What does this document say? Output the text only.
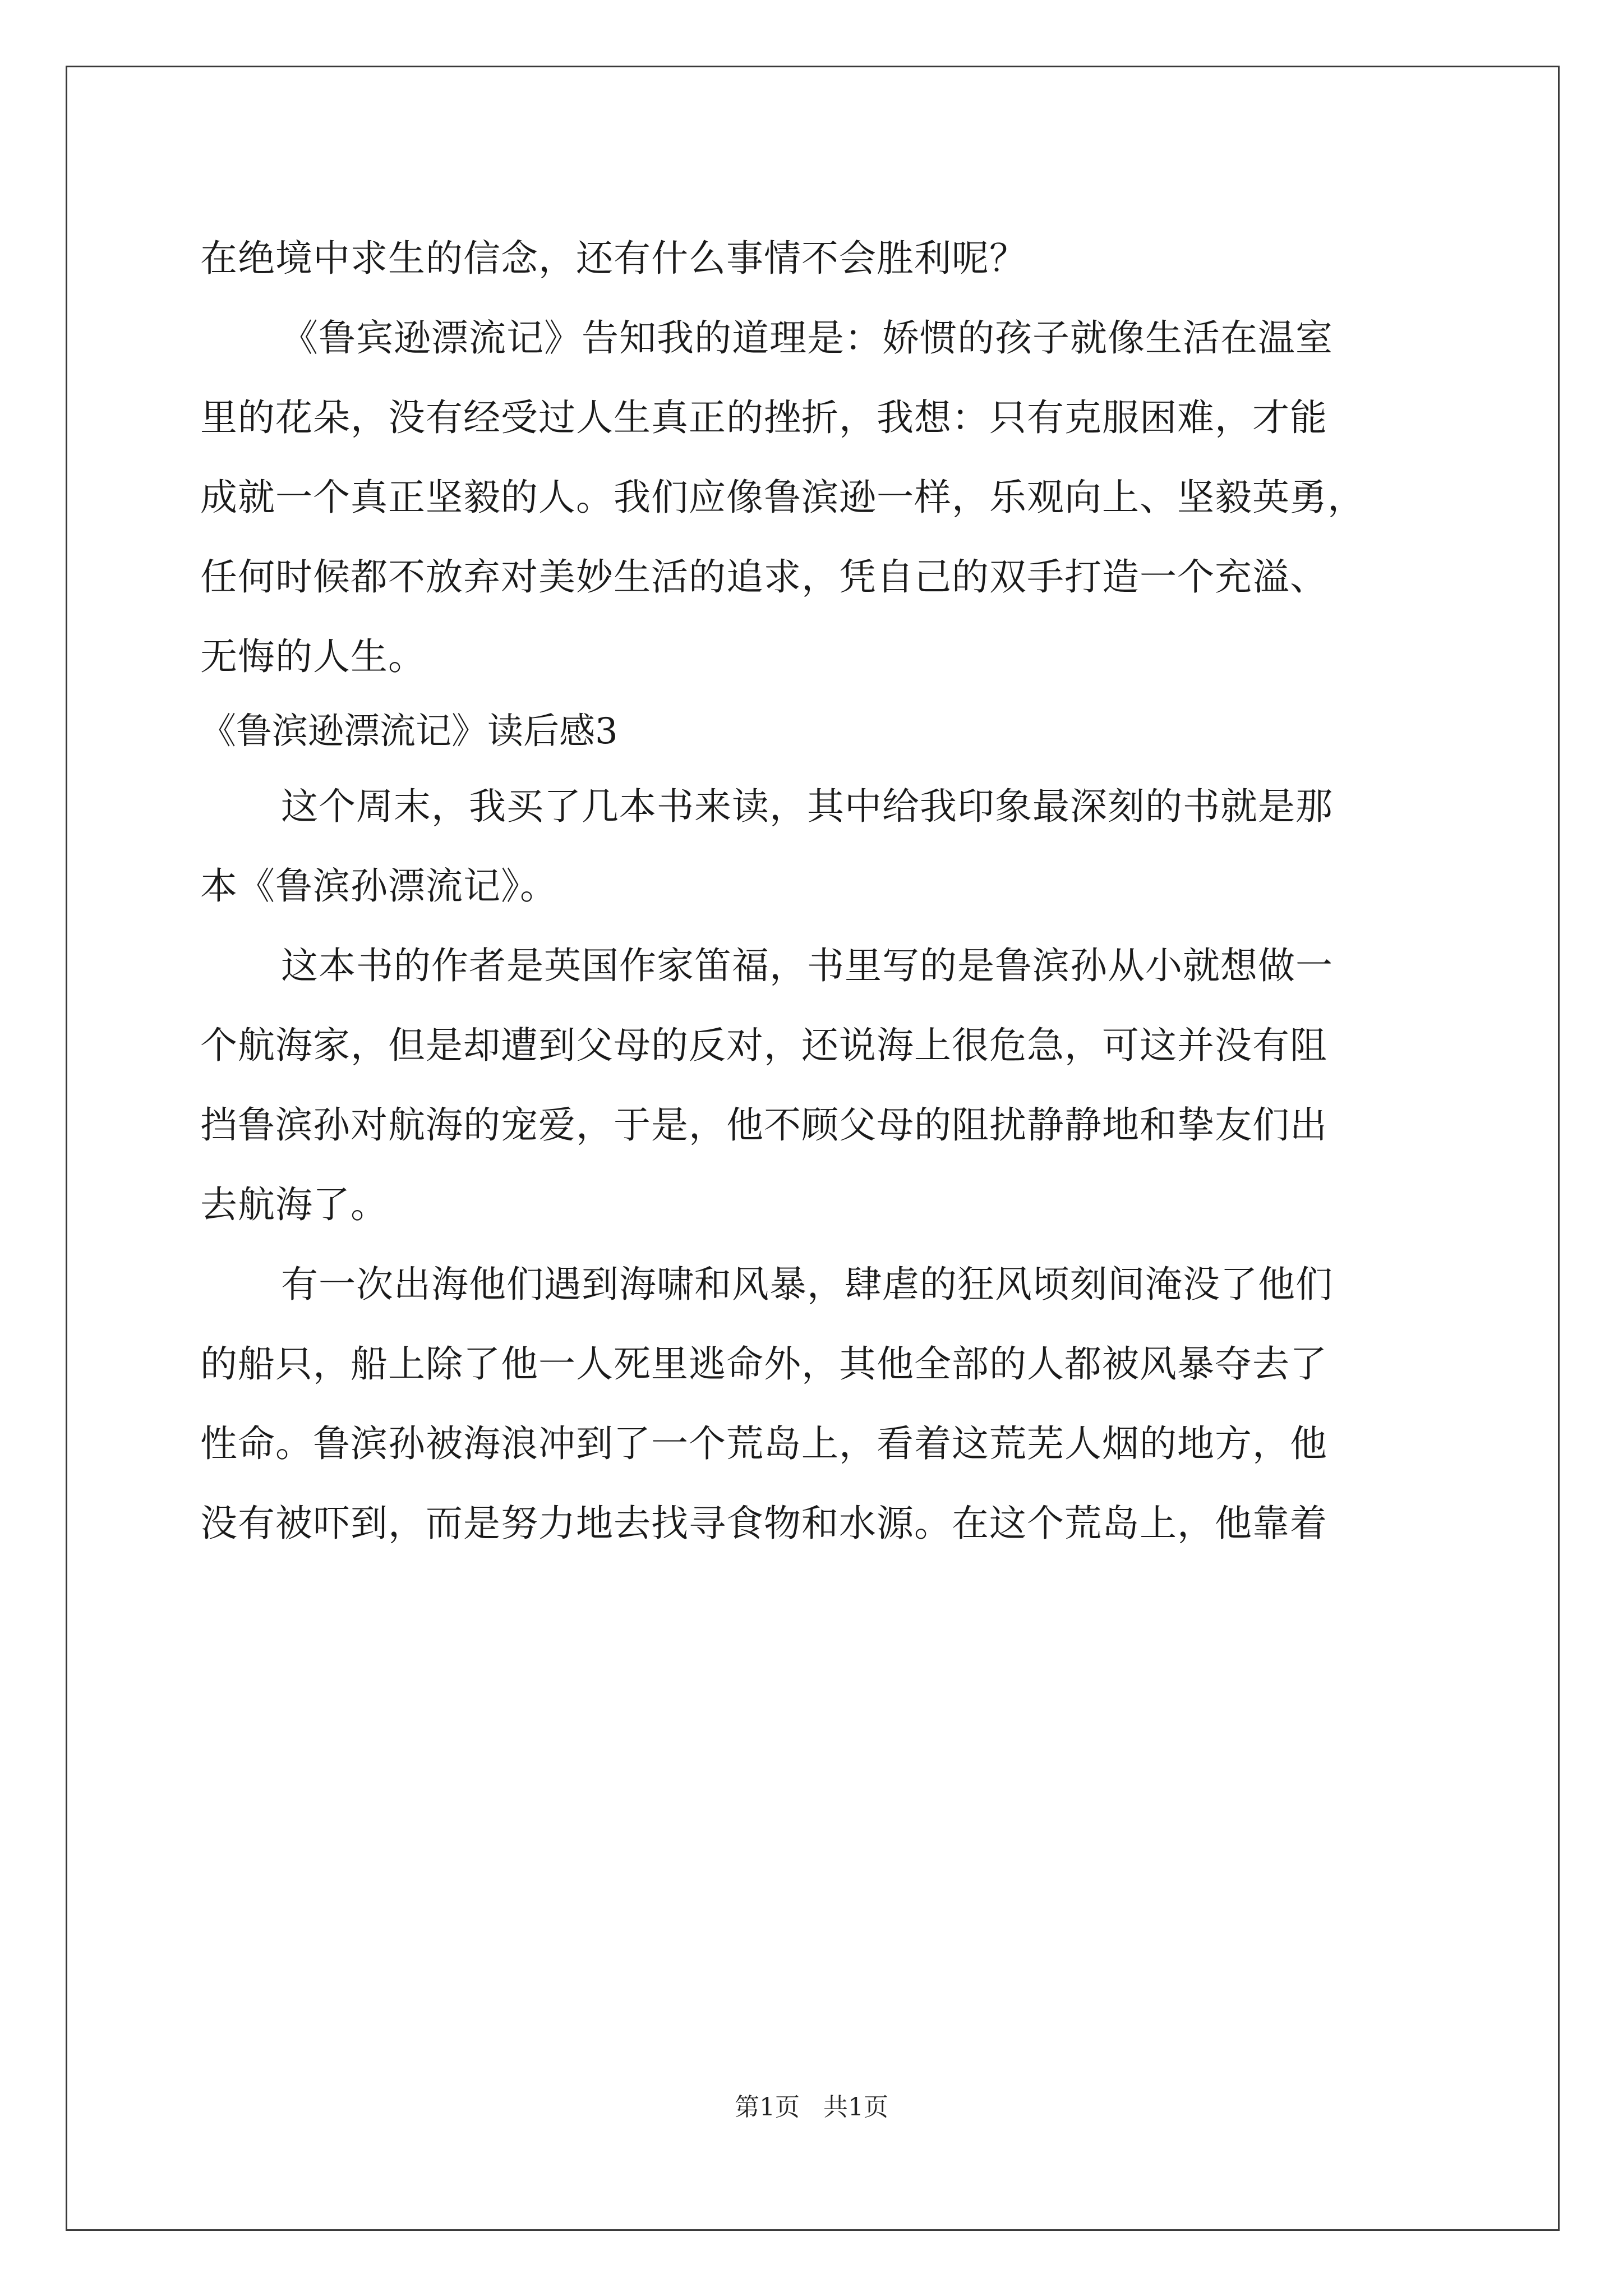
在绝境中求生的信念，还有什么事情不会胜利呢？
《鲁宾逊漂流记》告知我的道理是：娇惯的孩子就像生活在温室
里的花朵，没有经受过人生真正的挫折，我想：只有克服困难，才能
成就一个真正坚毅的人。我们应像鲁滨逊一样，乐观向上、坚毅英勇，
任何时候都不放弃对美妙生活的追求，凭自己的双手打造一个充溢、
无悔的人生。
《鲁滨逊漂流记》读后感3
这个周末，我买了几本书来读，其中给我印象最深刻的书就是那
本《鲁滨孙漂流记》。
这本书的作者是英国作家笛福，书里写的是鲁滨孙从小就想做一
个航海家，但是却遭到父母的反对，还说海上很危急，可这并没有阻
挡鲁滨孙对航海的宠爱，于是，他不顾父母的阻扰静静地和挚友们出
去航海了。
有一次出海他们遇到海啸和风暴，肆虐的狂风顷刻间淹没了他们
的船只，船上除了他一人死里逃命外，其他全部的人都被风暴夺去了
性命。鲁滨孙被海浪冲到了一个荒岛上，看着这荒芜人烟的地方，他
没有被吓到，而是努力地去找寻食物和水源。在这个荒岛上，他靠着
第1页 共1页
